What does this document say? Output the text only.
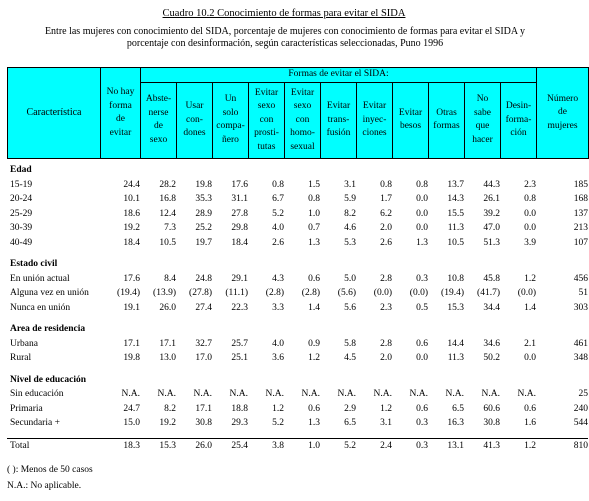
Cuadro 10.2 Conocimiento de formas para evitar el SIDA
Entre las mujeres con conocimiento del SIDA, porcentaje de mujeres con conocimiento de formas para evitar el SIDA y
porcentaje con desinformación, según características seleccionadas, Puno 1996
Característica	No hay
forma
de
evitar	Formas de evitar el SIDA:											Número
de
mujeres
		Abste-
nerse
de
sexo	Usar
con-
dones	Un
solo
compa-
ñero	Evitar
sexo
con
prosti-
tutas	Evitar
sexo
con
homo-
sexual	Evitar
trans-
fusión	Evitar
inyec-
ciones	Evitar
besos	Otras
formas	No
sabe
que
hacer	Desin-
forma-
ción	
Edad													
15-19	24.4	28.2	19.8	17.6	0.8	1.5	3.1	0.8	0.8	13.7	44.3	2.3	185
20-24	10.1	16.8	35.3	31.1	6.7	0.8	5.9	1.7	0.0	14.3	26.1	0.8	168
25-29	18.6	12.4	28.9	27.8	5.2	1.0	8.2	6.2	0.0	15.5	39.2	0.0	137
30-39	19.2	7.3	25.2	29.8	4.0	0.7	4.6	2.0	0.0	11.3	47.0	0.0	213
40-49	18.4	10.5	19.7	18.4	2.6	1.3	5.3	2.6	1.3	10.5	51.3	3.9	107

Estado civil													
En unión actual	17.6	8.4	24.8	29.1	4.3	0.6	5.0	2.8	0.3	10.8	45.8	1.2	456
Alguna vez en unión	(19.4)	(13.9)	(27.8)	(11.1)	(2.8)	(2.8)	(5.6)	(0.0)	(0.0)	(19.4)	(41.7)	(0.0)	51
Nunca en unión	19.1	26.0	27.4	22.3	3.3	1.4	5.6	2.3	0.5	15.3	34.4	1.4	303

Area de residencia													
Urbana	17.1	17.1	32.7	25.7	4.0	0.9	5.8	2.8	0.6	14.4	34.6	2.1	461
Rural	19.8	13.0	17.0	25.1	3.6	1.2	4.5	2.0	0.0	11.3	50.2	0.0	348

Nivel de educación													
Sin educación	N.A.	N.A.	N.A.	N.A.	N.A.	N.A.	N.A.	N.A.	N.A.	N.A.	N.A.	N.A.	25
Primaria	24.7	8.2	17.1	18.8	1.2	0.6	2.9	1.2	0.6	6.5	60.6	0.6	240
Secundaria +	15.0	19.2	30.8	29.3	5.2	1.3	6.5	3.1	0.3	16.3	30.8	1.6	544

Total	18.3	15.3	26.0	25.4	3.8	1.0	5.2	2.4	0.3	13.1	41.3	1.2	810
( ): Menos de 50 casos
N.A.: No aplicable.
